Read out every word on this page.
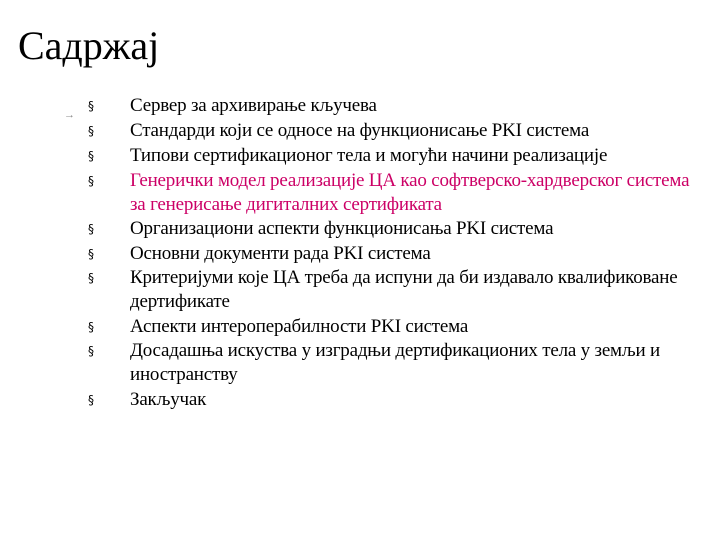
Садржај
→
§	Сервер за архивирање кључева
§	Стандарди који се односе на функционисање PKI система
§	Типови сертификационог тела и могући начини реализације
§	Генерички модел реализације ЦА као софтверско-хардверског система за генерисање дигиталних сертификата
§	Организациони аспекти функционисања PKI система
§	Основни документи рада PKI система
§	Критеријуми које ЦА треба да испуни да би издавало квалификоване дертификате
§	Аспекти интероперабилности PKI система
§	Досадашња искуства у изградњи дертификационих тела у земљи и иностранству
§	Закључак
